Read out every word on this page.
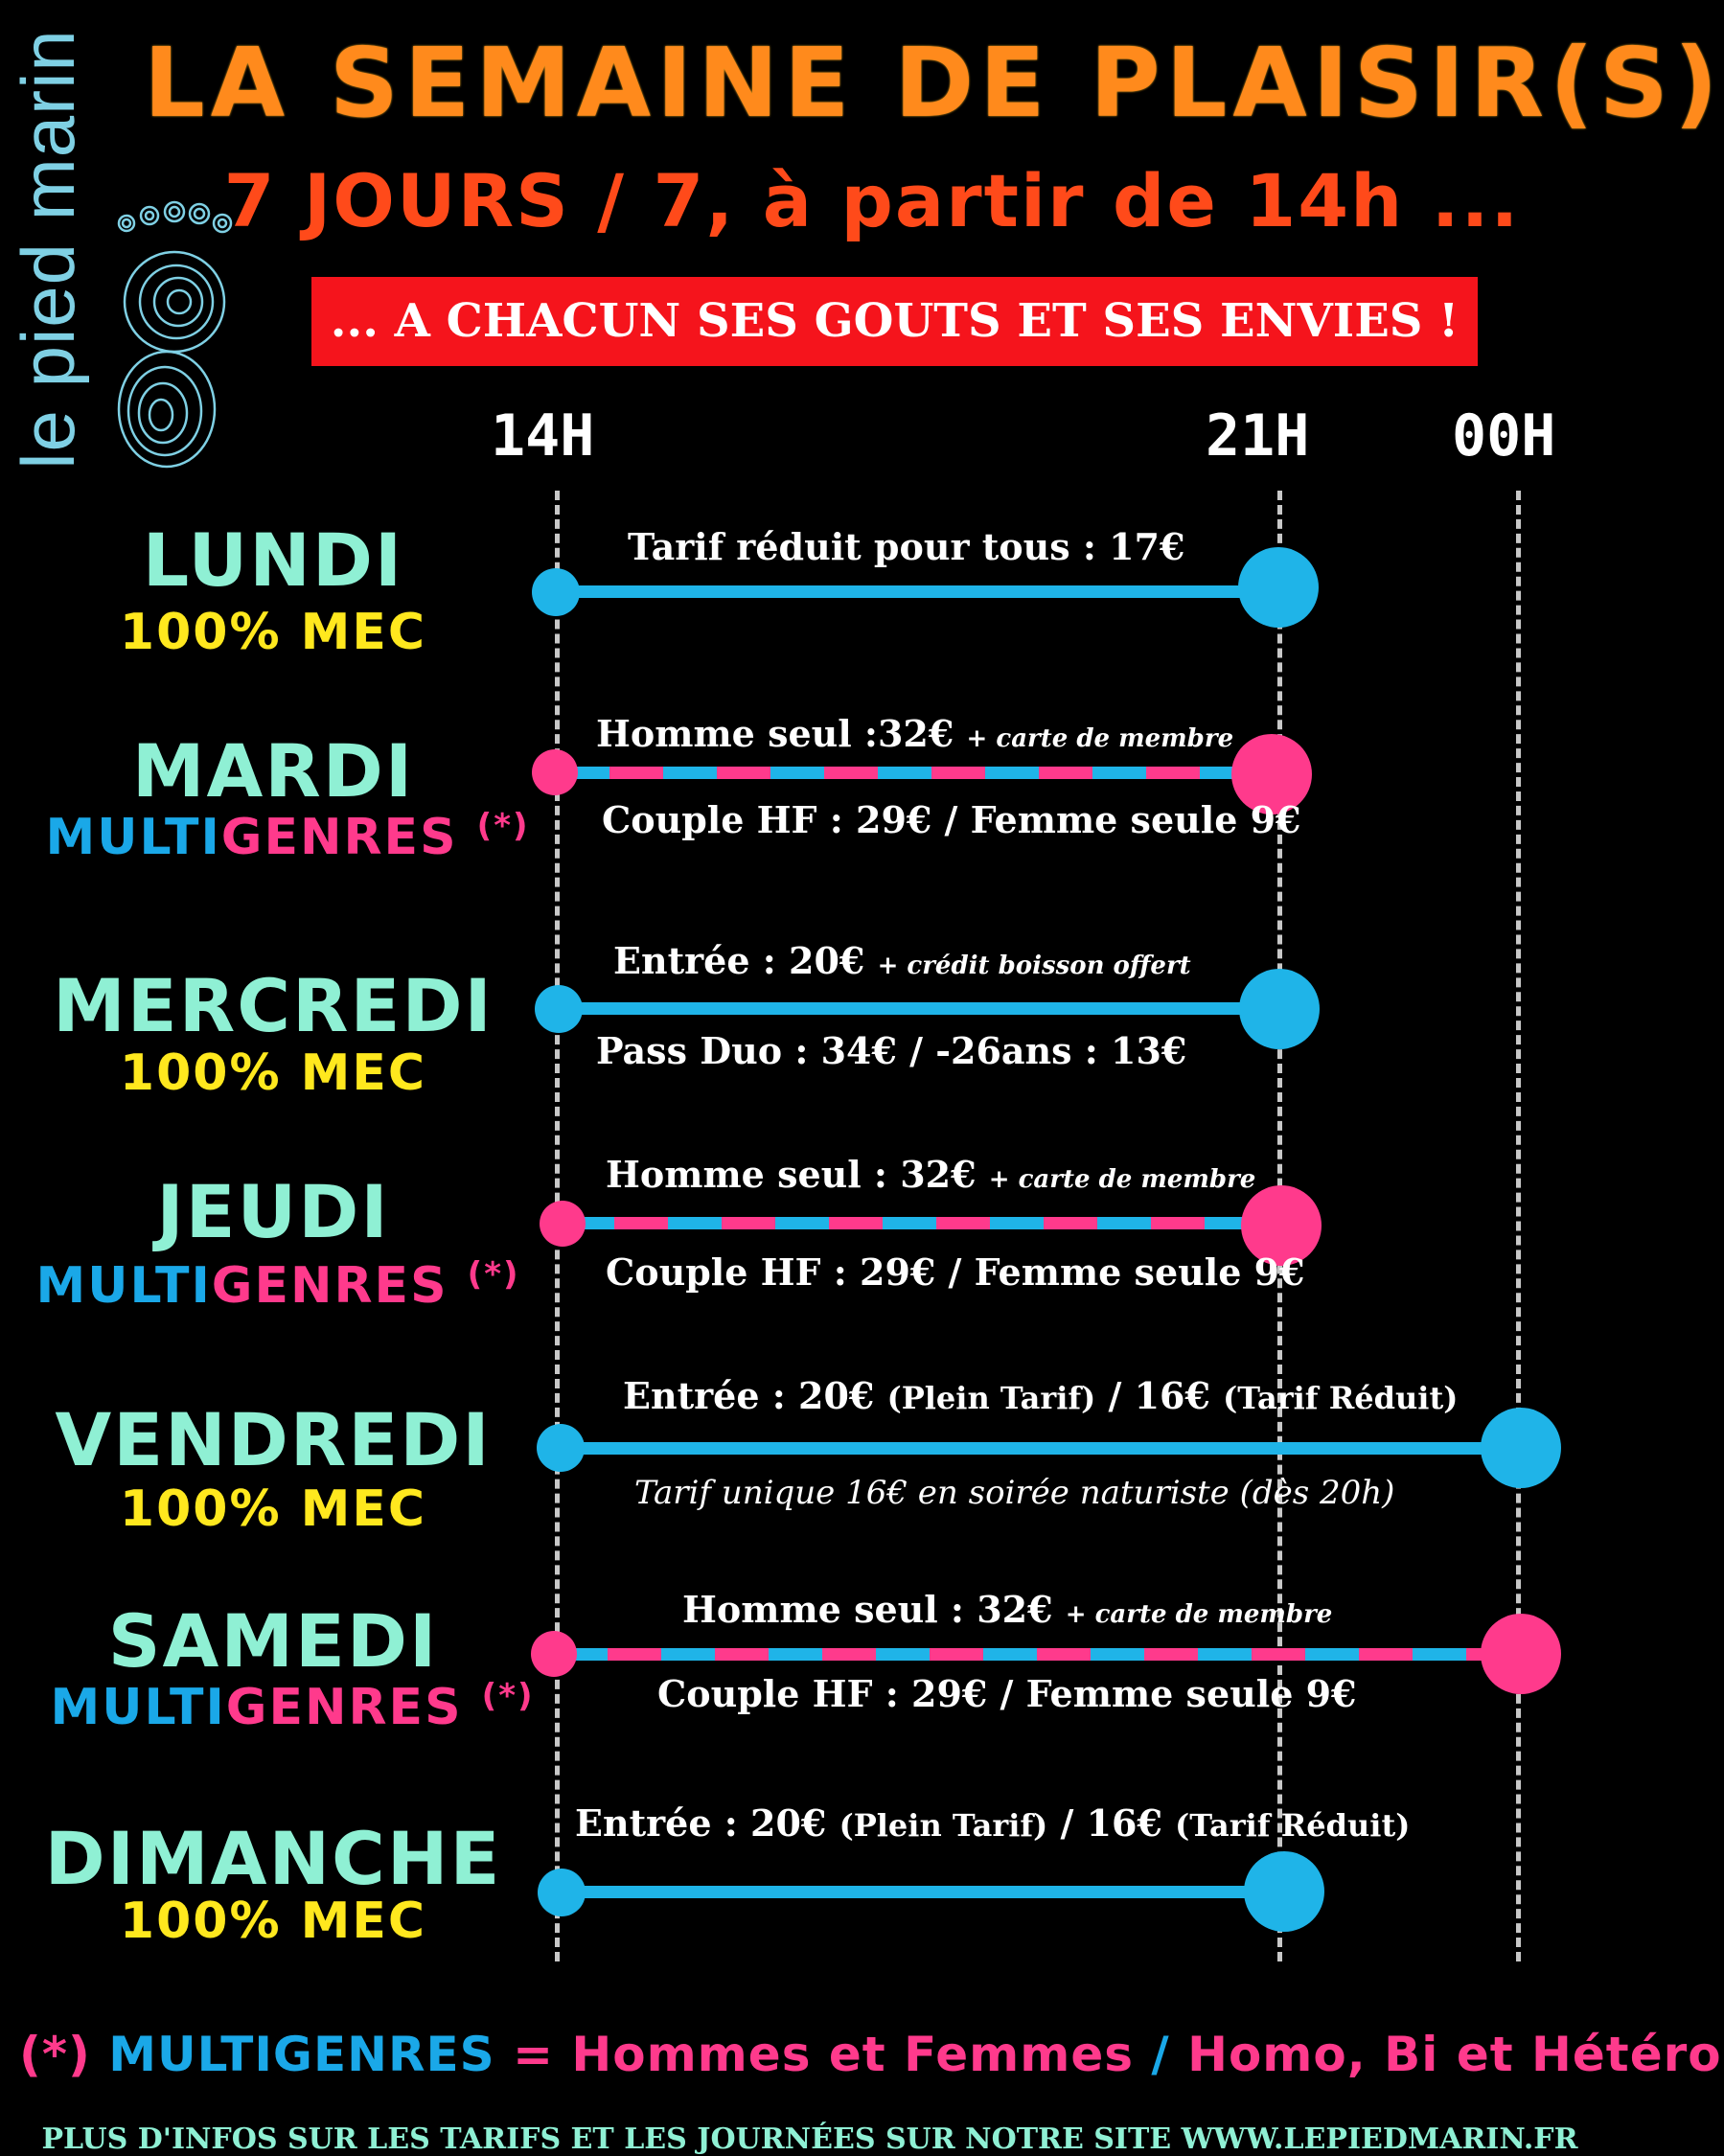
le pied marin LA SEMAINE DE PLAISIR(S)
7 JOURS / 7, à partir de 14h ...
... A CHACUN SES GOUTS ET SES ENVIES !
14H	21H 00H
LUNDI
100% MEC
Tarif réduit pour tous : 17€
MARDI
MULTIGENRES (*)
Homme seul :32€ + carte de membre
Couple HF : 29€ / Femme seule 9€
MERCREDI
100% MEC
Entrée : 20€ + crédit boisson offert
Pass Duo : 34€ / -26ans : 13€
JEUDI
MULTIGENRES (*)
Homme seul : 32€ + carte de membre
Couple HF : 29€ / Femme seule 9€
VENDREDI
100% MEC
Entrée : 20€ (Plein Tarif) / 16€ (Tarif Réduit)
Tarif unique 16€ en soirée naturiste (dès 20h)
SAMEDI
MULTIGENRES (*)
Homme seul : 32€ + carte de membre
Couple HF : 29€ / Femme seule 9€
DIMANCHE
100% MEC
Entrée : 20€ (Plein Tarif) / 16€ (Tarif Réduit)
(*) MULTIGENRES = Hommes et Femmes / Homo, Bi et Hétéro
PLUS D'INFOS SUR LES TARIFS ET LES JOURNÉES SUR NOTRE SITE WWW.LEPIEDMARIN.FR
